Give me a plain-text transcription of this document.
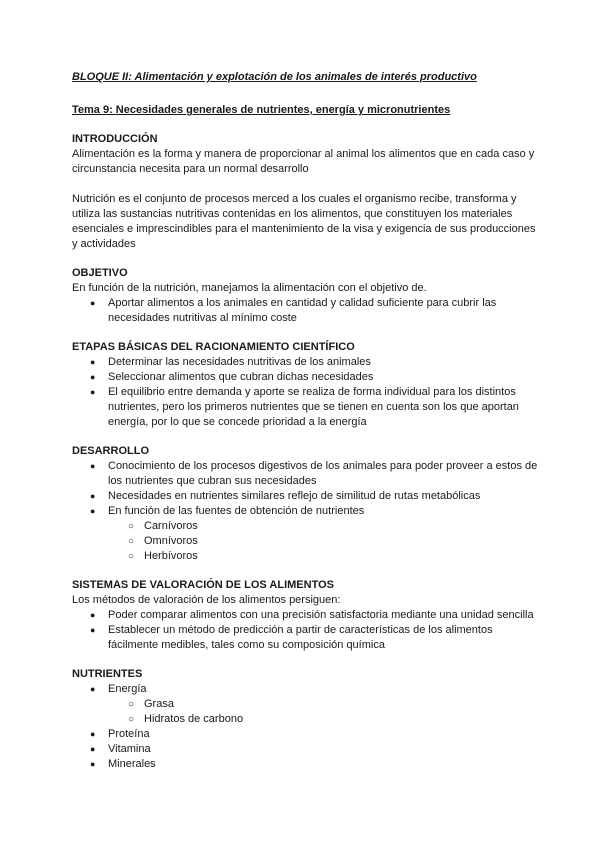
BLOQUE II: Alimentación y explotación de los animales de interés productivo

Tema 9: Necesidades generales de nutrientes, energía y micronutrientes

INTRODUCCIÓN

Alimentación es la forma y manera de proporcionar al animal los alimentos que en cada caso y circunstancia necesita para un normal desarrollo

Nutrición es el conjunto de procesos merced a los cuales el organismo recibe, transforma y utiliza las sustancias nutritivas contenidas en los alimentos, que constituyen los materiales esenciales e imprescindibles para el mantenimiento de la visa y exigencia de sus producciones y actividades

OBJETIVO

En función de la nutrición, manejamos la alimentación con el objetivo de.

● Aportar alimentos a los animales en cantidad y calidad suficiente para cubrir las necesidades nutritivas al mínimo coste

ETAPAS BÁSICAS DEL RACIONAMIENTO CIENTÍFICO

● Determinar las necesidades nutritivas de los animales
● Seleccionar alimentos que cubran dichas necesidades
● El equilibrio entre demanda y aporte se realiza de forma individual para los distintos nutrientes, pero los primeros nutrientes que se tienen en cuenta son los que aportan energía, por lo que se concede prioridad a la energía

DESARROLLO

● Conocimiento de los procesos digestivos de los animales para poder proveer a estos de los nutrientes que cubran sus necesidades
● Necesidades en nutrientes similares reflejo de similitud de rutas metabólicas
● En función de las fuentes de obtención de nutrientes
○ Carnívoros
○ Omnívoros
○ Herbívoros

SISTEMAS DE VALORACIÓN DE LOS ALIMENTOS

Los métodos de valoración de los alimentos persiguen:

● Poder comparar alimentos con una precisión satisfactoria mediante una unidad sencilla
● Establecer un método de predicción a partir de características de los alimentos fácilmente medibles, tales como su composición química

NUTRIENTES

● Energía
○ Grasa
○ Hidratos de carbono
● Proteína
● Vitamina
● Minerales
